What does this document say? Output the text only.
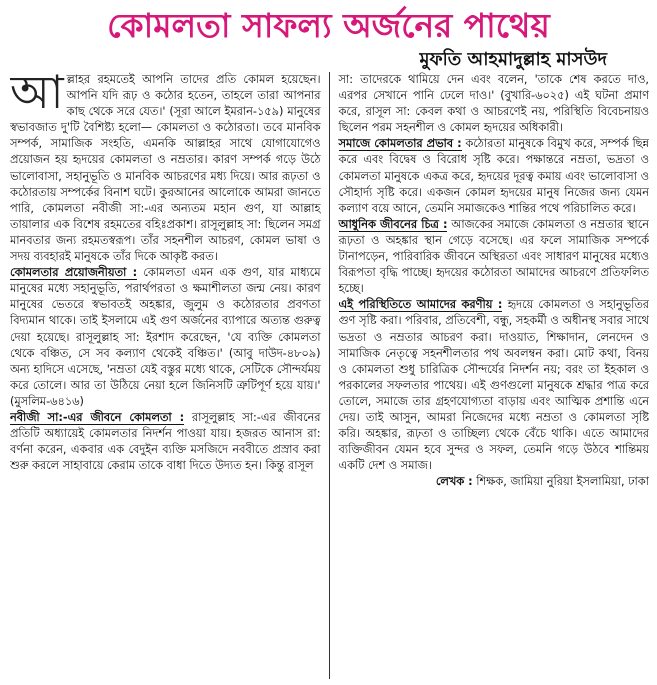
কোমলতা সাফল্য অর্জনের পাথেয়
মুফতি আহমাদুল্লাহ মাসউদ

আল্লাহর রহমতেই আপনি তাদের প্রতি কোমল হয়েছেন। আপনি যদি রূঢ় ও কঠোর হতেন, তাহলে তারা আপনার কাছ থেকে সরে যেত।' (সূরা আলে ইমরান-১৫৯) মানুষের স্বভাবজাত দু'টি বৈশিষ্ট্য হলো— কোমলতা ও কঠোরতা। তবে মানবিক সম্পর্ক, সামাজিক সংহতি, এমনকি আল্লাহর সাথে যোগাযোগেও প্রয়োজন হয় হৃদয়ের কোমলতা ও নম্রতার। কারণ সম্পর্ক গড়ে উঠে ভালোবাসা, সহানুভূতি ও মানবিক আচরণের মধ্য দিয়ে। আর রূঢ়তা ও কঠোরতায় সম্পর্কের বিনাশ ঘটে। কুরআনের আলোকে আমরা জানতে পারি, কোমলতা নবীজী সা:-এর অন্যতম মহান গুণ, যা আল্লাহ তায়ালার এক বিশেষ রহমতের বহিঃপ্রকাশ। রাসূলুল্লাহ সা: ছিলেন সমগ্র মানবতার জন্য রহমতস্বরূপ। তাঁর সহনশীল আচরণ, কোমল ভাষা ও সদয় ব্যবহারই মানুষকে তাঁর দিকে আকৃষ্ট করত।

কোমলতার প্রয়োজনীয়তা : কোমলতা এমন এক গুণ, যার মাধ্যমে মানুষের মধ্যে সহানুভূতি, পরার্থপরতা ও ক্ষমাশীলতা জন্ম নেয়। কারণ মানুষের ভেতরে স্বভাবতই অহঙ্কার, জুলুম ও কঠোরতার প্রবণতা বিদ্যমান থাকে। তাই ইসলামে এই গুণ অর্জনের ব্যাপারে অত্যন্ত গুরুত্ব দেয়া হয়েছে। রাসূলুল্লাহ সা: ইরশাদ করেছেন, 'যে ব্যক্তি কোমলতা থেকে বঞ্চিত, সে সব কল্যাণ থেকেই বঞ্চিত।' (আবু দাউদ-৪৮০৯) অন্য হাদিসে এসেছে, 'নম্রতা যেই বস্তুর মধ্যে থাকে, সেটিকে সৌন্দর্যময় করে তোলে। আর তা উঠিয়ে নেয়া হলে জিনিসটি ত্রুটিপূর্ণ হয়ে যায়।' (মুসলিম-৬৪১৬)

নবীজী সা:-এর জীবনে কোমলতা : রাসূলুল্লাহ সা:-এর জীবনের প্রতিটি অধ্যায়েই কোমলতার নিদর্শন পাওয়া যায়। হজরত আনাস রা: বর্ণনা করেন, একবার এক বেদুইন ব্যক্তি মসজিদে নববীতে প্রস্রাব করা শুরু করলে সাহাবায়ে কেরাম তাকে বাধা দিতে উদ্যত হন। কিন্তু রাসূল

সা: তাদেরকে থামিয়ে দেন এবং বলেন, 'তাকে শেষ করতে দাও, এরপর সেখানে পানি ঢেলে দাও।' (বুখারি-৬০২৫) এই ঘটনা প্রমাণ করে, রাসূল সা: কেবল কথা ও আচরণেই নয়, পরিস্থিতি বিবেচনায়ও ছিলেন পরম সহনশীল ও কোমল হৃদয়ের অধিকারী।

সমাজে কোমলতার প্রভাব : কঠোরতা মানুষকে বিমুখ করে, সম্পর্ক ছিন্ন করে এবং বিদ্বেষ ও বিরোধ সৃষ্টি করে। পক্ষান্তরে নম্রতা, ভদ্রতা ও কোমলতা মানুষকে একত্র করে, হৃদয়ের দূরত্ব কমায় এবং ভালোবাসা ও সৌহার্দ্য সৃষ্টি করে। একজন কোমল হৃদয়ের মানুষ নিজের জন্য যেমন কল্যাণ বয়ে আনে, তেমনি সমাজকেও শান্তির পথে পরিচালিত করে।

আধুনিক জীবনের চিত্র : আজকের সমাজে কোমলতা ও নম্রতার স্থানে রূঢ়তা ও অহঙ্কার স্থান গেড়ে বসেছে। এর ফলে সামাজিক সম্পর্কে টানাপড়েন, পারিবারিক জীবনে অস্থিরতা এবং সাধারণ মানুষের মধ্যেও বিরূপতা বৃদ্ধি পাচ্ছে। হৃদয়ের কঠোরতা আমাদের আচরণে প্রতিফলিত হচ্ছে।

এই পরিস্থিতিতে আমাদের করণীয় : হৃদয়ে কোমলতা ও সহানুভূতির গুণ সৃষ্টি করা। পরিবার, প্রতিবেশী, বন্ধু, সহকর্মী ও অধীনস্থ সবার সাথে ভদ্রতা ও নম্রতার আচরণ করা। দাওয়াত, শিক্ষাদান, লেনদেন ও সামাজিক নেতৃত্বে সহনশীলতার পথ অবলম্বন করা। মোট কথা, বিনয় ও কোমলতা শুধু চারিত্রিক সৌন্দর্যের নিদর্শন নয়; বরং তা ইহকাল ও পরকালের সফলতার পাথেয়। এই গুণগুলো মানুষকে শ্রদ্ধার পাত্র করে তোলে, সমাজে তার গ্রহণযোগ্যতা বাড়ায় এবং আত্মিক প্রশান্তি এনে দেয়। তাই আসুন, আমরা নিজেদের মধ্যে নম্রতা ও কোমলতা সৃষ্টি করি। অহঙ্কার, রূঢ়তা ও তাচ্ছিল্য থেকে বেঁচে থাকি। এতে আমাদের ব্যক্তিজীবন যেমন হবে সুন্দর ও সফল, তেমনি গড়ে উঠবে শান্তিময় একটি দেশ ও সমাজ।

লেখক : শিক্ষক, জামিয়া নুরিয়া ইসলামিয়া, ঢাকা
